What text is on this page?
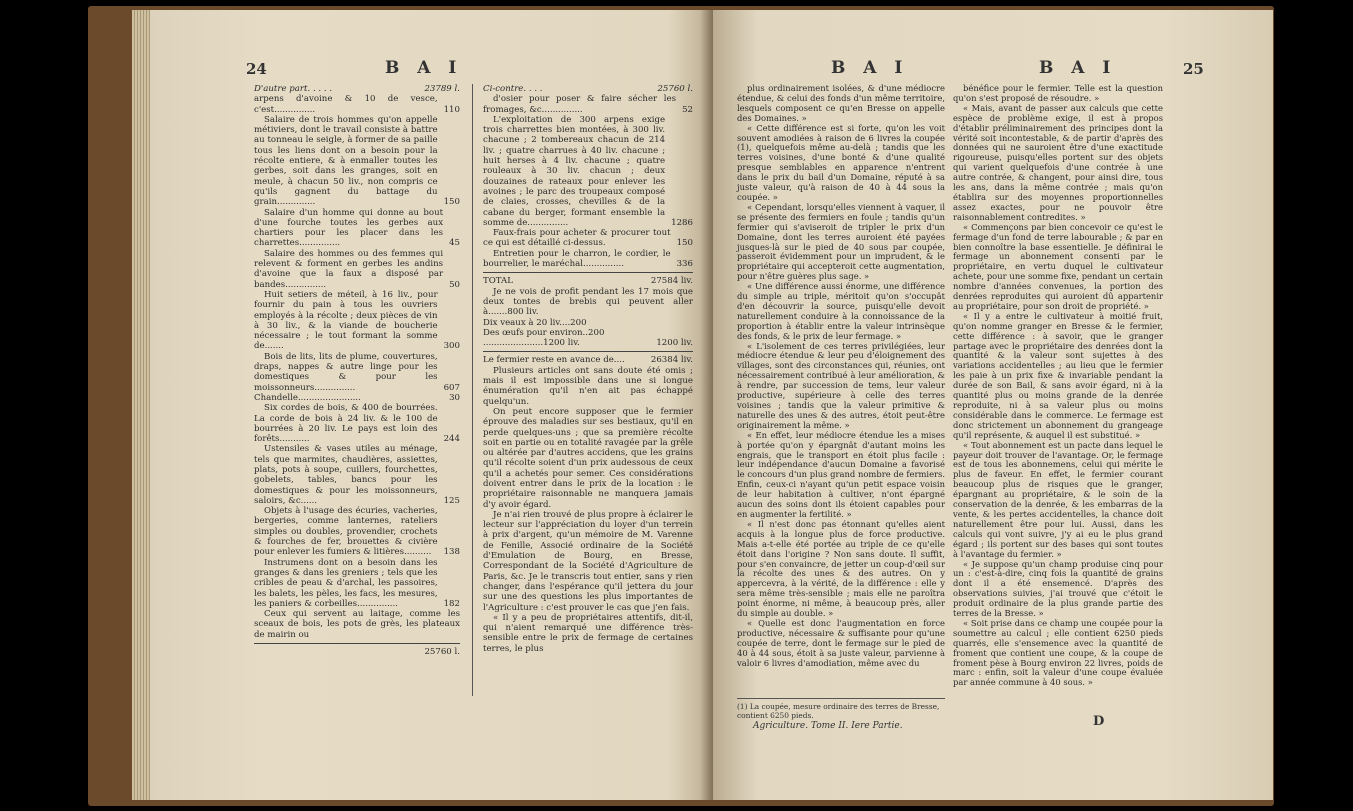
24	B A I
D'autre part. . . . .	23789 l.
arpens d'avoine & 10 de vesce, c'est...............	110
Salaire de trois hommes qu'on appelle métiviers, dont le travail consiste à battre au tonneau le seigle, à former de sa paille tous les liens dont on a besoin pour la récolte entiere, & à enmaller toutes les gerbes, soit dans les granges, soit en meule, à chacun 50 liv., non compris ce qu'ils gagnent du battage du grain..............	150
Salaire d'un homme qui donne au bout d'une fourche toutes les gerbes aux chartiers pour les placer dans les charrettes...............	45
Salaire des hommes ou des femmes qui relevent & forment en gerbes les andins d'avoine que la faux a disposé par bandes...............	50
Huit setiers de méteil, à 16 liv., pour fournir du pain à tous les ouvriers employés à la récolte ; deux pièces de vin à 30 liv., & la viande de boucherie nécessaire ; le tout formant la somme de.......	300
Bois de lits, lits de plume, couvertures, draps, nappes & autre linge pour les domestiques & pour les moissonneurs...............	607
Chandelle.......................	30
Six cordes de bois, & 400 de bourrées. La corde de bois à 24 liv. & le 100 de bourrées à 20 liv. Le pays est loin des forêts...........	244
Ustensiles & vases utiles au ménage, tels que marmites, chaudières, assiettes, plats, pots à soupe, cuillers, fourchettes, gobelets, tables, bancs pour les domestiques & pour les moissonneurs, saloirs, &c......	125
Objets à l'usage des écuries, vacheries, bergeries, comme lanternes, rateliers simples ou doubles, provendier, crochets & fourches de fer, brouettes & civière pour enlever les fumiers & litières..........	138
Instrumens dont on a besoin dans les granges & dans les greniers ; tels que les cribles de peau & d'archal, les passoires, les balets, les pèles, les facs, les mesures, les paniers & corbeilles...............	182
Ceux qui servent au laitage, comme les sceaux de bois, les pots de grès, les plateaux de mairin ou
25760 l.
Ci-contre. . . .	25760 l.
d'osier pour poser & faire sécher les fromages, &c...............	52
L'exploitation de 300 arpens exige trois charrettes bien montées, à 300 liv. chacune ; 2 tombereaux chacun de 214 liv. ; quatre charrues à 40 liv. chacune ; huit herses à 4 liv. chacune ; quatre rouleaux à 30 liv. chacun ; deux douzaines de rateaux pour enlever les avoines ; le parc des troupeaux composé de claies, crosses, chevilles & de la cabane du berger, formant ensemble la somme de...............	1286
Faux-frais pour acheter & procurer tout ce qui est détaillé ci-dessus.	150
Entretien pour le charron, le cordier, le bourrelier, le maréchal...............	336
TOTAL	27584 liv.
Je ne vois de profit pendant les 17 mois que deux tontes de brebis qui peuvent aller à.......800 liv.
Dix veaux à 20 liv....200
Des œufs pour environ..200
......................1200 liv.	1200 liv.
Le fermier reste en avance de....	26384 liv.
Plusieurs articles ont sans doute été omis ; mais il est impossible dans une si longue énumération qu'il n'en ait pas échappé quelqu'un.
On peut encore supposer que le fermier éprouve des maladies sur ses bestiaux, qu'il en perde quelques-uns ; que sa première récolte soit en partie ou en totalité ravagée par la grêle ou altérée par d'autres accidens, que les grains qu'il récolte soient d'un prix audessous de ceux qu'il a achetés pour semer. Ces considérations doivent entrer dans le prix de la location : le propriétaire raisonnable ne manquera jamais d'y avoir égard.
Je n'ai rien trouvé de plus propre à éclairer le lecteur sur l'appréciation du loyer d'un terrein à prix d'argent, qu'un mémoire de M. Varenne de Fenille, Associé ordinaire de la Société d'Emulation de Bourg, en Bresse, Correspondant de la Société d'Agriculture de Paris, &c. Je le transcris tout entier, sans y rien changer, dans l'espérance qu'il jettera du jour sur une des questions les plus importantes de l'Agriculture : c'est prouver le cas que j'en fais.
« Il y a peu de propriétaires attentifs, dit-il, qui n'aient remarqué une différence très-sensible entre le prix de fermage de certaines terres, le plus
B A I	B A I	25
plus ordinairement isolées, & d'une médiocre étendue, & celui des fonds d'un même territoire, lesquels composent ce qu'en Bresse on appelle des Domaines. »
« Cette différence est si forte, qu'on les voit souvent amodiées à raison de 6 livres la coupée (1), quelquefois même au-delà ; tandis que les terres voisines, d'une bonté & d'une qualité presque semblables en apparence n'entrent dans le prix du bail d'un Domaine, réputé à sa juste valeur, qu'à raison de 40 à 44 sous la coupée. »
« Cependant, lorsqu'elles viennent à vaquer, il se présente des fermiers en foule ; tandis qu'un fermier qui s'aviseroit de tripler le prix d'un Domaine, dont les terres auroient été payées jusques-là sur le pied de 40 sous par coupée, passeroit évidemment pour un imprudent, & le propriétaire qui accepteroit cette augmentation, pour n'être guères plus sage. »
« Une différence aussi énorme, une différence du simple au triple, méritoit qu'on s'occupât d'en découvrir la source, puisqu'elle devoit naturellement conduire à la connoissance de la proportion à établir entre la valeur intrinsèque des fonds, & le prix de leur fermage. »
« L'isolement de ces terres privilégiées, leur médiocre étendue & leur peu d'éloignement des villages, sont des circonstances qui, réunies, ont nécessairement contribué à leur amélioration, & à rendre, par succession de tems, leur valeur productive, supérieure à celle des terres voisines ; tandis que la valeur primitive & naturelle des unes & des autres, étoit peut-être originairement la même. »
« En effet, leur médiocre étendue les a mises à portée qu'on y épargnât d'autant moins les engrais, que le transport en étoit plus facile : leur indépendance d'aucun Domaine a favorisé le concours d'un plus grand nombre de fermiers. Enfin, ceux-ci n'ayant qu'un petit espace voisin de leur habitation à cultiver, n'ont épargné aucun des soins dont ils étoient capables pour en augmenter la fertilité. »
« Il n'est donc pas étonnant qu'elles aient acquis à la longue plus de force productive. Mais a-t-elle été portée au triple de ce qu'elle étoit dans l'origine ? Non sans doute. Il suffit, pour s'en convaincre, de jetter un coup-d'œil sur la récolte des unes & des autres. On y appercevra, à la vérité, de la différence : elle y sera même très-sensible ; mais elle ne paroîtra point énorme, ni même, à beaucoup près, aller du simple au double. »
« Quelle est donc l'augmentation en force productive, nécessaire & suffisante pour qu'une coupée de terre, dont le fermage sur le pied de 40 à 44 sous, étoit à sa juste valeur, parvienne à valoir 6 livres d'amodiation, même avec du
bénéfice pour le fermier. Telle est la question qu'on s'est proposé de résoudre. »
« Mais, avant de passer aux calculs que cette espèce de problème exige, il est à propos d'établir préliminairement des principes dont la vérité soit incontestable, & de partir d'après des données qui ne sauroient être d'une exactitude rigoureuse, puisqu'elles portent sur des objets qui varient quelquefois d'une contrée à une autre contrée, & changent, pour ainsi dire, tous les ans, dans la même contrée ; mais qu'on établira sur des moyennes proportionnelles assez exactes, pour ne pouvoir être raisonnablement contredites. »
« Commençons par bien concevoir ce qu'est le fermage d'un fond de terre labourable ; & par en bien connoître la base essentielle. Je définirai le fermage un abonnement consenti par le propriétaire, en vertu duquel le cultivateur achete, pour une somme fixe, pendant un certain nombre d'années convenues, la portion des denrées reproduites qui auroient dû appartenir au propriétaire, pour son droit de propriété. »
« Il y a entre le cultivateur à moitié fruit, qu'on nomme granger en Bresse & le fermier, cette différence : à savoir, que le granger partage avec le propriétaire des denrées dont la quantité & la valeur sont sujettes à des variations accidentelles ; au lieu que le fermier les paie à un prix fixe & invariable pendant la durée de son Bail, & sans avoir égard, ni à la quantité plus ou moins grande de la denrée reproduite, ni à sa valeur plus ou moins considérable dans le commerce. Le fermage est donc strictement un abonnement du grangeage qu'il représente, & auquel il est substitué. »
« Tout abonnement est un pacte dans lequel le payeur doit trouver de l'avantage. Or, le fermage est de tous les abonnemens, celui qui mérite le plus de faveur. En effet, le fermier courant beaucoup plus de risques que le granger, épargnant au propriétaire, & le soin de la conservation de la denrée, & les embarras de la vente, & les pertes accidentelles, la chance doit naturellement être pour lui. Aussi, dans les calculs qui vont suivre, j'y ai eu le plus grand égard ; ils portent sur des bases qui sont toutes à l'avantage du fermier. »
« Je suppose qu'un champ produise cinq pour un : c'est-à-dire, cinq fois la quantité de grains dont il a été ensemencé. D'après des observations suivies, j'ai trouvé que c'étoit le produit ordinaire de la plus grande partie des terres de la Bresse. »
« Soit prise dans ce champ une coupée pour la soumettre au calcul ; elle contient 6250 pieds quarrés, elle s'ensemence avec la quantité de froment que contient une coupe, & la coupe de froment pèse à Bourg environ 22 livres, poids de marc : enfin, soit la valeur d'une coupe évaluée par année commune à 40 sous. »
(1) La coupée, mesure ordinaire des terres de Bresse, contient 6250 pieds.
Agriculture. Tome II. Iere Partie.	D
